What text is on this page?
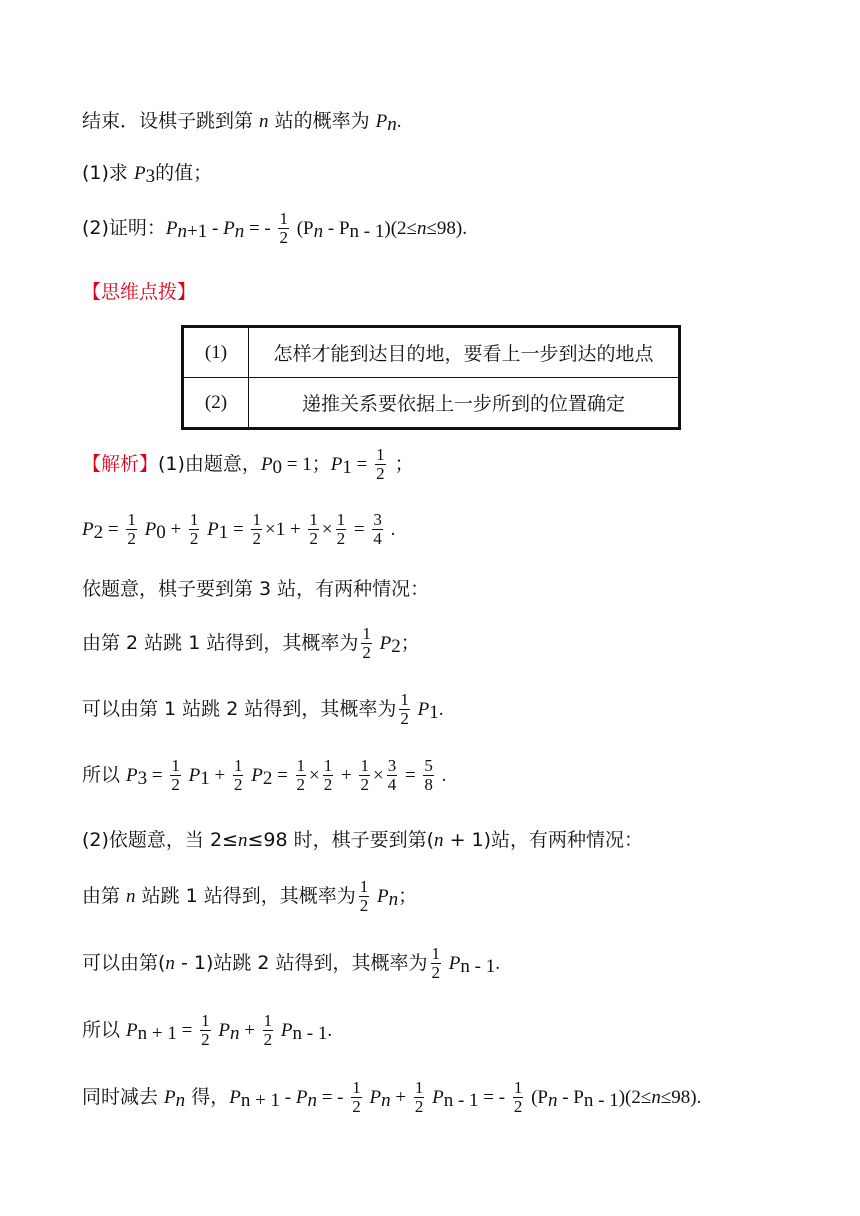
结束．设棋子跳到第 n 站的概率为 $P_n$.
(1)求 $P_3$的值；
(2)证明：$P_{n+1} - P_n$ = - $\frac{1}{2} (P_n - P_{n - 1})(2\le n\le 98)$.
【思维点拨】
(1)	怎样才能到达目的地，要看上一步到达的地点
(2)	递推关系要依据上一步所到的位置确定
【解析】(1)由题意，$P_0 = 1$；$P_1 = \frac{1}{2}$ ；
$P_2 = \frac{1}{2} P_0 + \frac{1}{2} P_1 = \frac{1}{2} \times 1 + \frac{1}{2} \times \frac{1}{2} = \frac{3}{4}$ .
依题意，棋子要到第 3 站，有两种情况：
由第 2 站跳 1 站得到，其概率为 $\frac{1}{2} P_2$；
可以由第 1 站跳 2 站得到，其概率为 $\frac{1}{2} P_1$.
所以 $P_3 = \frac{1}{2} P_1 + \frac{1}{2} P_2 = \frac{1}{2} \times \frac{1}{2} + \frac{1}{2} \times \frac{3}{4} = \frac{5}{8}$ .
(2)依题意，当 2≤n≤98 时，棋子要到第(n + 1)站，有两种情况：
由第 n 站跳 1 站得到，其概率为 $\frac{1}{2} P_n$；
可以由第(n - 1)站跳 2 站得到，其概率为 $\frac{1}{2} P_{n - 1}$.
所以 $P_{n + 1} = \frac{1}{2} P_n + \frac{1}{2} P_{n - 1}$.
同时减去 $P_n$ 得，$P_{n + 1} - P_n$ = - $\frac{1}{2} P_n + \frac{1}{2} P_{n - 1}$ = - $\frac{1}{2} (P_n - P_{n - 1})(2\le n\le 98)$.
